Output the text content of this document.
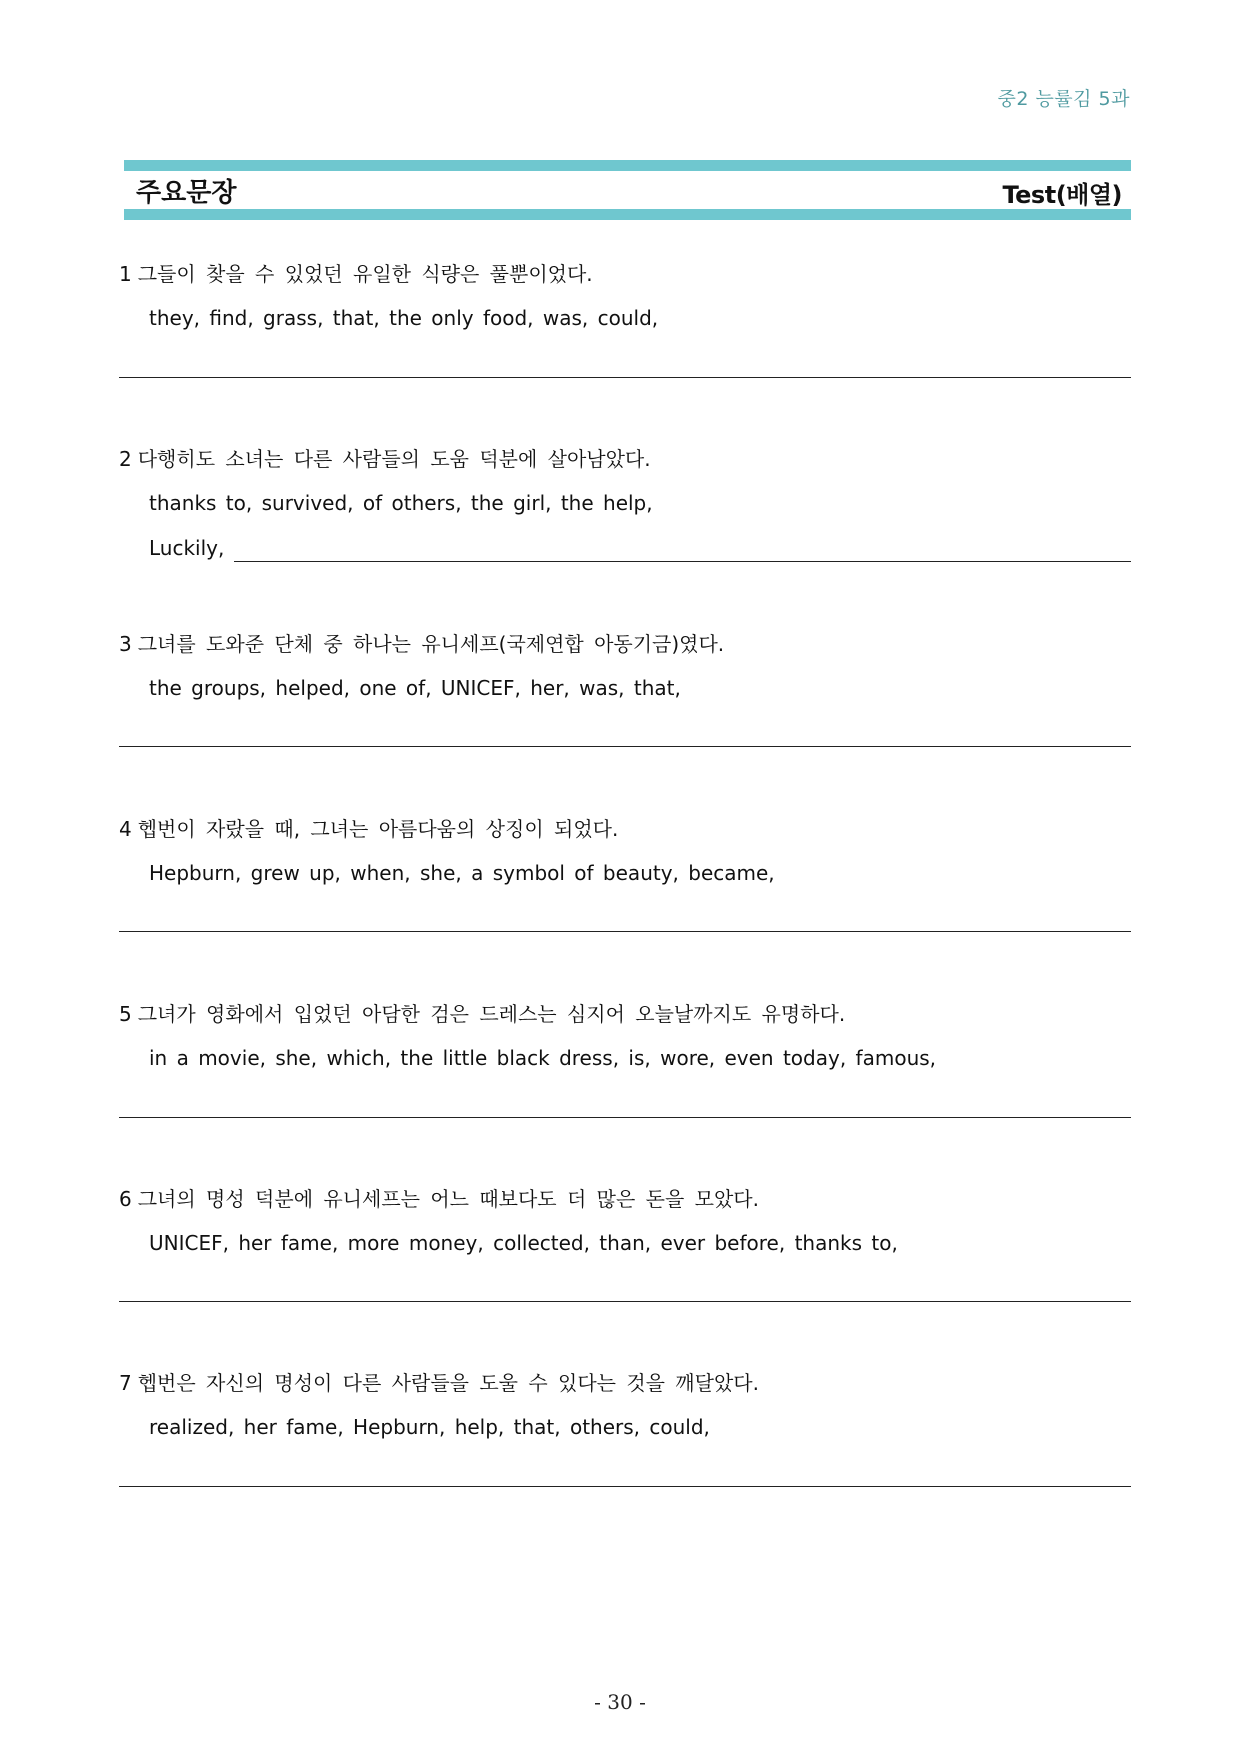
중2 능률김 5과
주요문장	Test(배열)
1 그들이 찾을 수 있었던 유일한 식량은 풀뿐이었다.
they, find, grass, that, the only food, was, could,
2 다행히도 소녀는 다른 사람들의 도움 덕분에 살아남았다.
thanks to, survived, of others, the girl, the help,
Luckily,
3 그녀를 도와준 단체 중 하나는 유니세프(국제연합 아동기금)였다.
the groups, helped, one of, UNICEF, her, was, that,
4 헵번이 자랐을 때, 그녀는 아름다움의 상징이 되었다.
Hepburn, grew up, when, she, a symbol of beauty, became,
5 그녀가 영화에서 입었던 아담한 검은 드레스는 심지어 오늘날까지도 유명하다.
in a movie, she, which, the little black dress, is, wore, even today, famous,
6 그녀의 명성 덕분에 유니세프는 어느 때보다도 더 많은 돈을 모았다.
UNICEF, her fame, more money, collected, than, ever before, thanks to,
7 헵번은 자신의 명성이 다른 사람들을 도울 수 있다는 것을 깨달았다.
realized, her fame, Hepburn, help, that, others, could,
- 30 -
